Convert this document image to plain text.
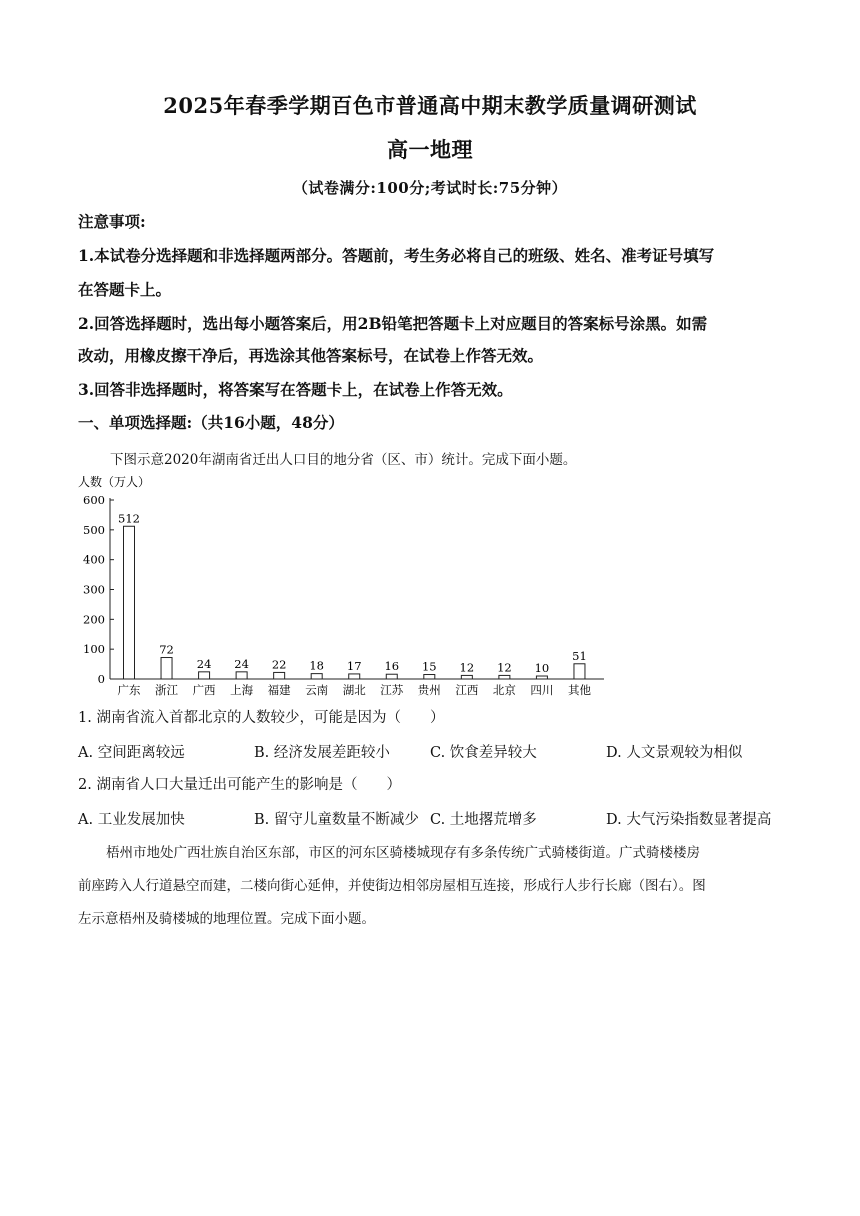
2025年春季学期百色市普通高中期末教学质量调研测试
高一地理
（试卷满分:100分;考试时长:75分钟）
注意事项:
1.本试卷分选择题和非选择题两部分。答题前，考生务必将自己的班级、姓名、准考证号填写
在答题卡上。
2.回答选择题时，选出每小题答案后，用2B铅笔把答题卡上对应题目的答案标号涂黑。如需
改动，用橡皮擦干净后，再选涂其他答案标号，在试卷上作答无效。
3.回答非选择题时，将答案写在答题卡上，在试卷上作答无效。
一、单项选择题:（共16小题，48分）
下图示意2020年湖南省迁出人口目的地分省（区、市）统计。完成下面小题。
人数（万人）
0
100
200
300
400
500
600
512
广东
72
浙江
24
广西
24
上海
22
福建
18
云南
17
湖北
16
江苏
15
贵州
12
江西
12
北京
10
四川
51
其他
1. 湖南省流入首都北京的人数较少，可能是因为（　　）
A. 空间距离较远	B. 经济发展差距较小	C. 饮食差异较大	D. 人文景观较为相似
2. 湖南省人口大量迁出可能产生的影响是（　　）
A. 工业发展加快	B. 留守儿童数量不断减少 C. 土地撂荒增多	D. 大气污染指数显著提高
梧州市地处广西壮族自治区东部，市区的河东区骑楼城现存有多条传统广式骑楼街道。广式骑楼楼房
前座跨入人行道悬空而建，二楼向街心延伸，并使街边相邻房屋相互连接，形成行人步行长廊（图右）。图
左示意梧州及骑楼城的地理位置。完成下面小题。
